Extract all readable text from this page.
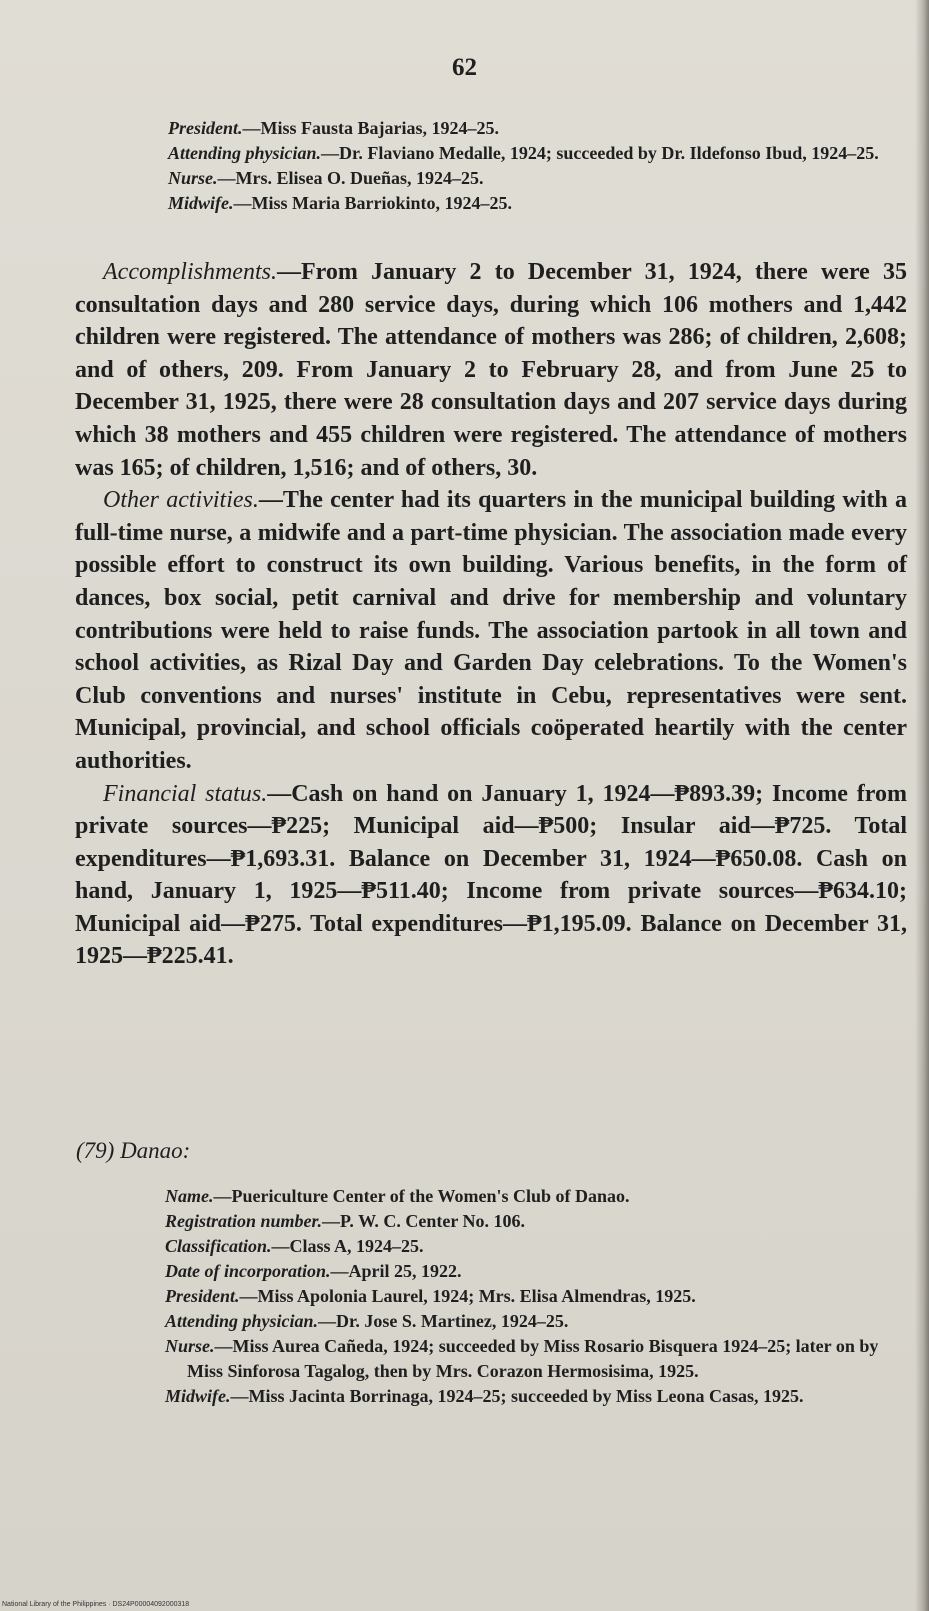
62

President.—Miss Fausta Bajarias, 1924–25.

Attending physician.—Dr. Flaviano Medalle, 1924; succeeded by Dr. Ildefonso Ibud, 1924–25.

Nurse.—Mrs. Elisea O. Dueñas, 1924–25.

Midwife.—Miss Maria Barriokinto, 1924–25.

Accomplishments.—From January 2 to December 31, 1924, there were 35 consultation days and 280 service days, during which 106 mothers and 1,442 children were registered. The attendance of mothers was 286; of children, 2,608; and of others, 209. From January 2 to February 28, and from June 25 to December 31, 1925, there were 28 consultation days and 207 service days during which 38 mothers and 455 children were registered. The attendance of mothers was 165; of children, 1,516; and of others, 30.

Other activities.—The center had its quarters in the municipal building with a full-time nurse, a midwife and a part-time physician. The association made every possible effort to construct its own building. Various benefits, in the form of dances, box social, petit carnival and drive for membership and voluntary contributions were held to raise funds. The association partook in all town and school activities, as Rizal Day and Garden Day celebrations. To the Women's Club conventions and nurses' institute in Cebu, representatives were sent. Municipal, provincial, and school officials coöperated heartily with the center authorities.

Financial status.—Cash on hand on January 1, 1924—₱893.39; Income from private sources—₱225; Municipal aid—₱500; Insular aid—₱725. Total expenditures—₱1,693.31. Balance on December 31, 1924—₱650.08. Cash on hand, January 1, 1925—₱511.40; Income from private sources—₱634.10; Municipal aid—₱275. Total expenditures—₱1,195.09. Balance on December 31, 1925—₱225.41.

(79) Danao:

Name.—Puericulture Center of the Women's Club of Danao.

Registration number.—P. W. C. Center No. 106.

Classification.—Class A, 1924–25.

Date of incorporation.—April 25, 1922.

President.—Miss Apolonia Laurel, 1924; Mrs. Elisa Almendras, 1925.

Attending physician.—Dr. Jose S. Martinez, 1924–25.

Nurse.—Miss Aurea Cañeda, 1924; succeeded by Miss Rosario Bisquera 1924–25; later on by Miss Sinforosa Tagalog, then by Mrs. Corazon Hermosisima, 1925.

Midwife.—Miss Jacinta Borrinaga, 1924–25; succeeded by Miss Leona Casas, 1925.

National Library of the Philippines · DS24P00004092000318
